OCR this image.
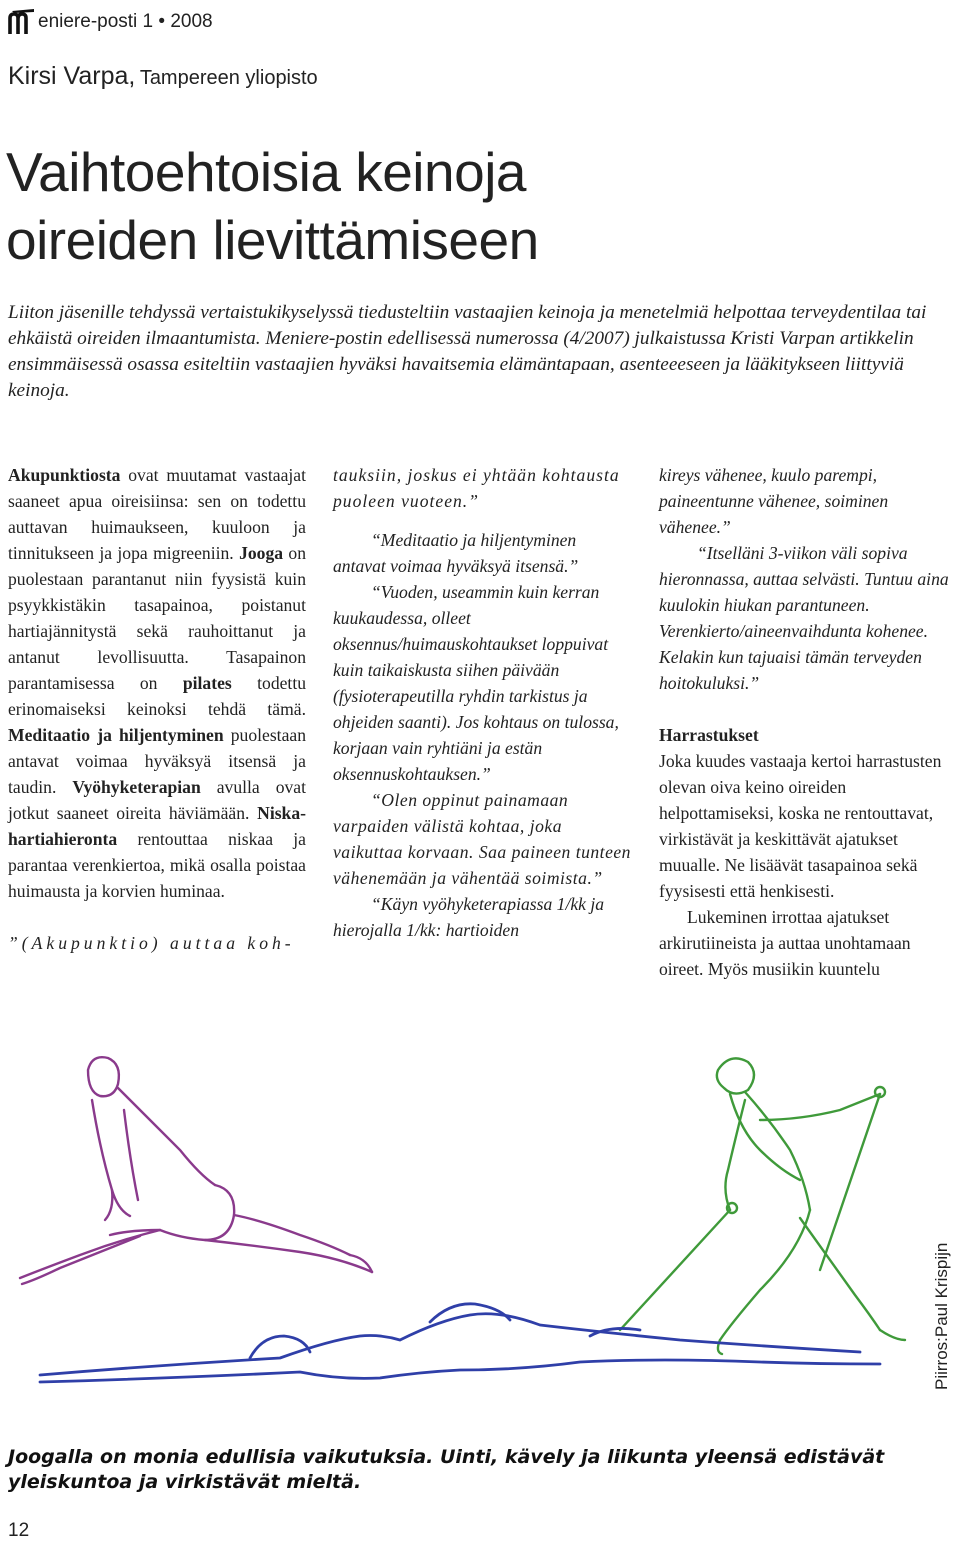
eniere-posti 1 • 2008
Kirsi Varpa, Tampereen yliopisto
Vaihtoehtoisia keinoja
oireiden lievittämiseen

Liiton jäsenille tehdyssä vertaistukikyselyssä tiedusteltiin vastaajien keinoja ja menetelmiä helpottaa terveydentilaa tai ehkäistä oireiden ilmaantumista. Meniere-postin edellisessä numerossa (4/2007) julkaistussa Kristi Varpan artikkelin ensimmäisessä osassa esiteltiin vastaajien hyväksi havaitsemia elämäntapaan, asenteeeseen ja lääkitykseen liittyviä keinoja.

Akupunktiosta ovat muutamat vastaajat saaneet apua oireisiinsa: sen on todettu auttavan huimaukseen, kuuloon ja tinnitukseen ja jopa migreeniin. Jooga on puolestaan parantanut niin fyysistä kuin psyykkistäkin tasapainoa, poistanut hartiajännitystä sekä rauhoittanut ja antanut levollisuutta. Tasapainon parantamisessa on pilates todettu erinomaiseksi keinoksi tehdä tämä. Meditaatio ja hiljentyminen puolestaan antavat voimaa hyväksyä itsensä ja taudin. Vyöhyketerapian avulla ovat jotkut saaneet oireita häviämään. Niska-hartiahieronta rentouttaa niskaa ja parantaa verenkiertoa, mikä osalla poistaa huimausta ja korvien huminaa.

”(Akupunktio) auttaa koh-

tauksiin, joskus ei yhtään kohtausta puoleen vuoteen.”

“Meditaatio ja hiljentyminen antavat voimaa hyväksyä itsensä.”

“Vuoden, useammin kuin kerran kuukaudessa, olleet oksennus/huimauskohtaukset loppuivat kuin taikaiskusta siihen päivään (fysioterapeutilla ryhdin tarkistus ja ohjeiden saanti). Jos kohtaus on tulossa, korjaan vain ryhtiäni ja estän oksennuskohtauksen.”

“Olen oppinut painamaan varpaiden välistä kohtaa, joka vaikuttaa korvaan. Saa paineen tunteen vähenemään ja vähentää soimista.”

“Käyn vyöhyketerapiassa 1/kk ja hierojalla 1/kk: hartioiden

kireys vähenee, kuulo parempi, paineentunne vähenee, soiminen vähenee.”

“Itselläni 3-viikon väli sopiva hieronnassa, auttaa selvästi. Tuntuu aina kuulokin hiukan parantuneen. Verenkierto/aineenvaihdunta kohenee. Kelakin kun tajuaisi tämän terveyden hoitokuluksi.”

Harrastukset

Joka kuudes vastaaja kertoi harrastusten olevan oiva keino oireiden helpottamiseksi, koska ne rentouttavat, virkistävät ja keskittävät ajatukset muualle. Ne lisäävät tasapainoa sekä fyysisesti että henkisesti.

Lukeminen irrottaa ajatukset arkirutiineista ja auttaa unohtamaan oireet. Myös musiikin kuuntelu

Piirros:Paul Krispijn

Joogalla on monia edullisia vaikutuksia. Uinti, kävely ja liikunta yleensä edistävät yleiskuntoa ja virkistävät mieltä.

12
